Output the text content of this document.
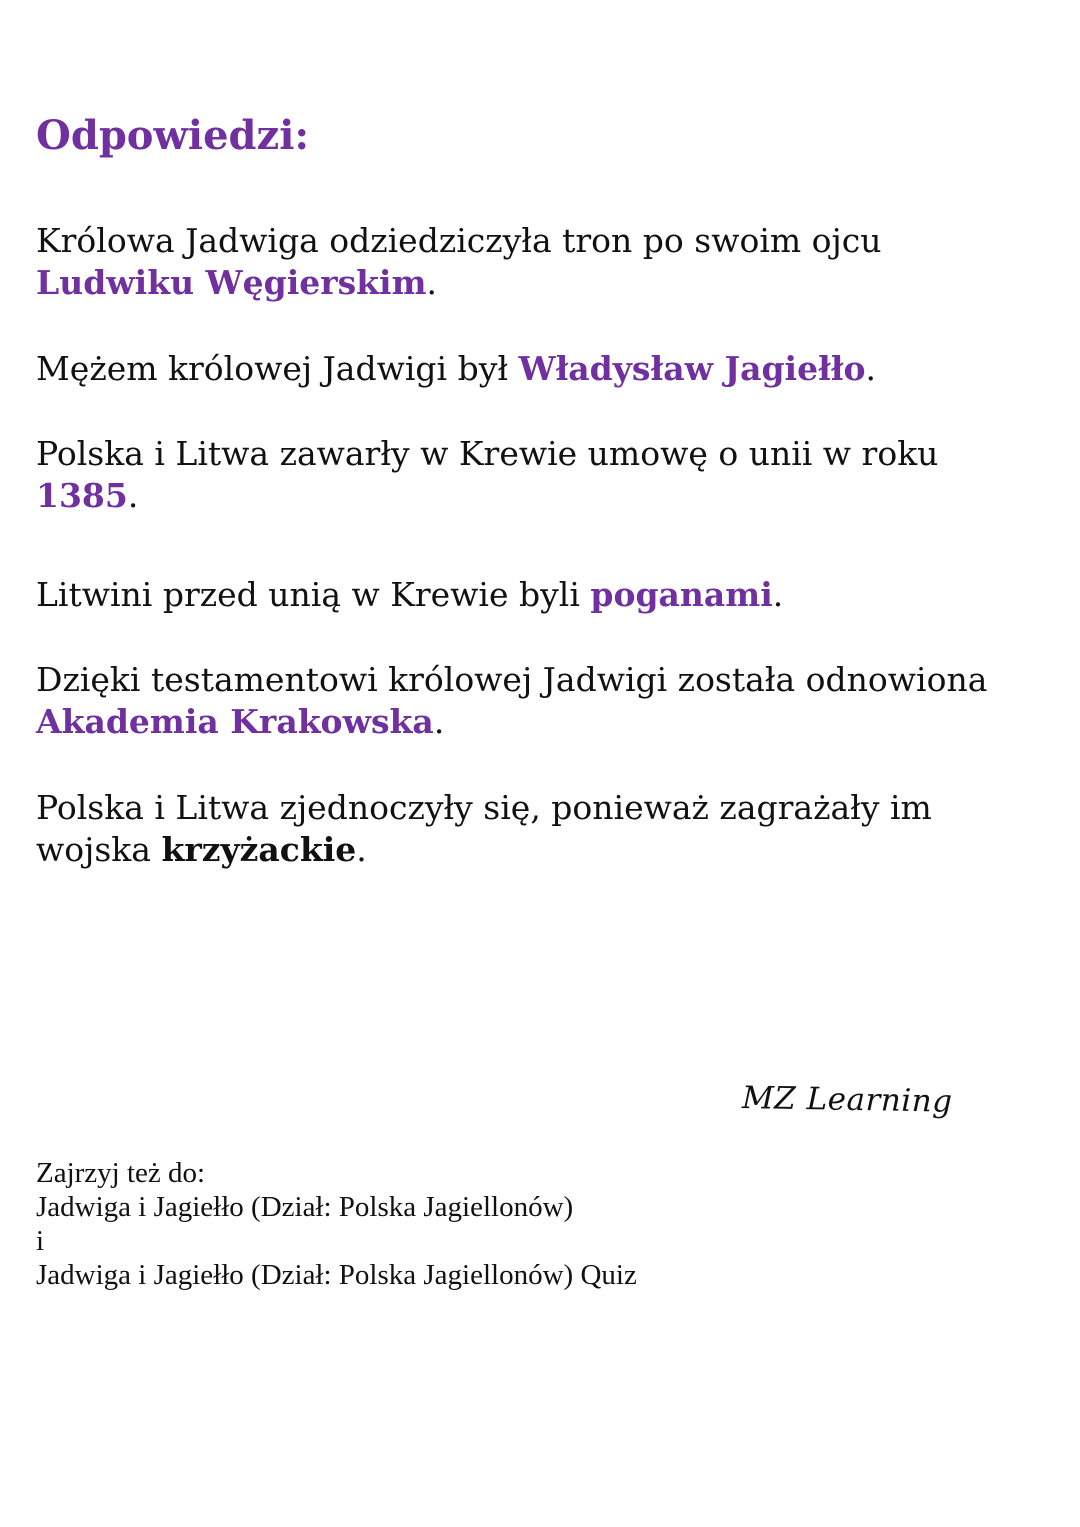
Odpowiedzi:

Królowa Jadwiga odziedziczyła tron po swoim ojcu
Ludwiku Węgierskim.

Mężem królowej Jadwigi był Władysław Jagiełło.

Polska i Litwa zawarły w Krewie umowę o unii w roku
1385.

Litwini przed unią w Krewie byli poganami.

Dzięki testamentowi królowej Jadwigi została odnowiona
Akademia Krakowska.

Polska i Litwa zjednoczyły się, ponieważ zagrażały im
wojska krzyżackie.

MZ Learning
Zajrzyj też do:
Jadwiga i Jagiełło (Dział: Polska Jagiellonów)
i
Jadwiga i Jagiełło (Dział: Polska Jagiellonów) Quiz
